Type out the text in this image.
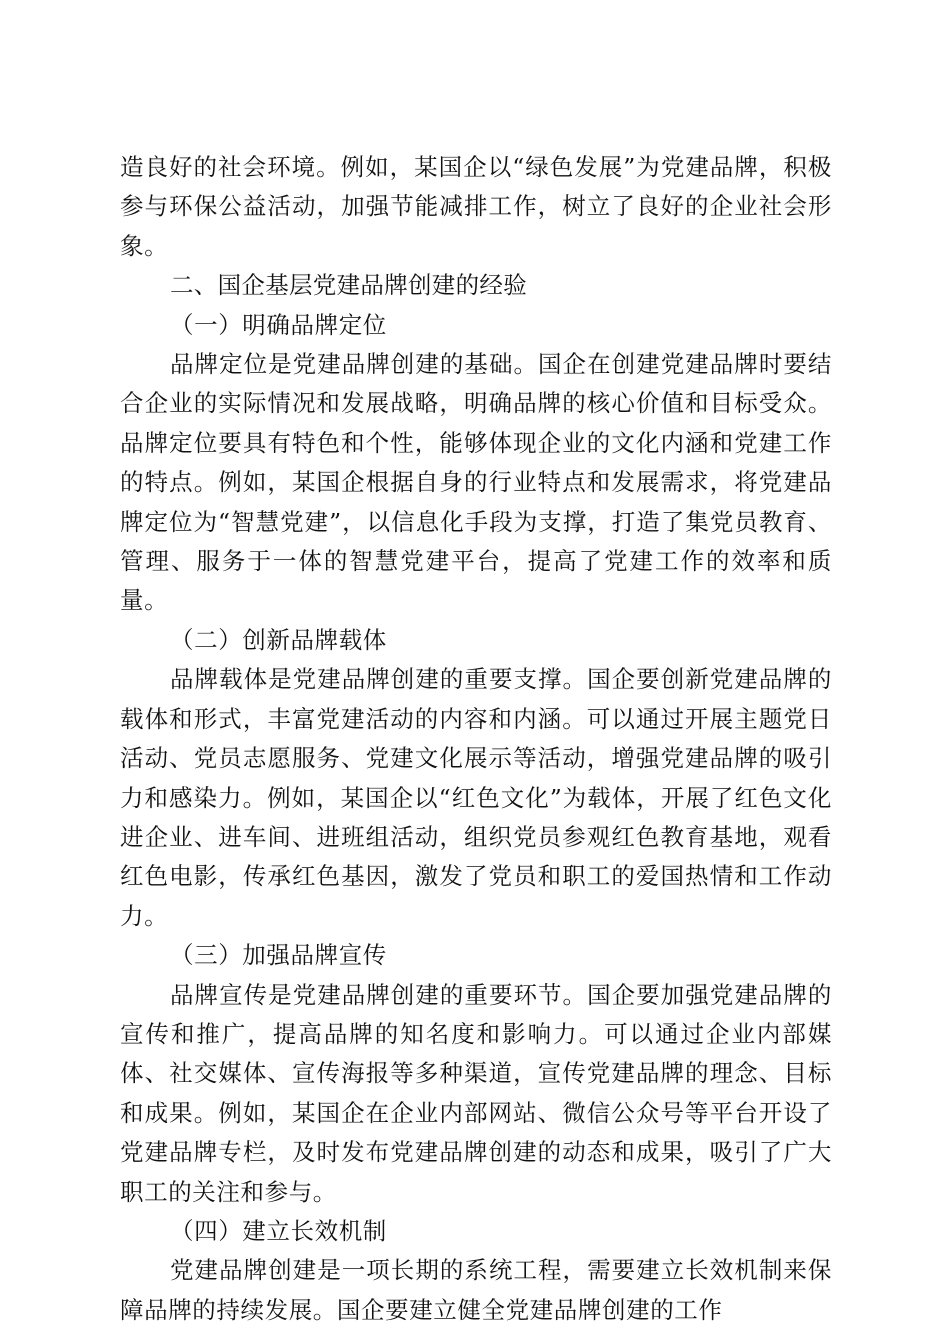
造良好的社会环境。例如，某国企以“绿色发展”为党建品牌，积极参与环保公益活动，加强节能减排工作，树立了良好的企业社会形象。

二、国企基层党建品牌创建的经验
（一）明确品牌定位

品牌定位是党建品牌创建的基础。国企在创建党建品牌时要结合企业的实际情况和发展战略，明确品牌的核心价值和目标受众。品牌定位要具有特色和个性，能够体现企业的文化内涵和党建工作的特点。例如，某国企根据自身的行业特点和发展需求，将党建品牌定位为“智慧党建”，以信息化手段为支撑，打造了集党员教育、管理、服务于一体的智慧党建平台，提高了党建工作的效率和质量。

（二）创新品牌载体

品牌载体是党建品牌创建的重要支撑。国企要创新党建品牌的载体和形式，丰富党建活动的内容和内涵。可以通过开展主题党日活动、党员志愿服务、党建文化展示等活动，增强党建品牌的吸引力和感染力。例如，某国企以“红色文化”为载体，开展了红色文化进企业、进车间、进班组活动，组织党员参观红色教育基地，观看红色电影，传承红色基因，激发了党员和职工的爱国热情和工作动力。

（三）加强品牌宣传

品牌宣传是党建品牌创建的重要环节。国企要加强党建品牌的宣传和推广，提高品牌的知名度和影响力。可以通过企业内部媒体、社交媒体、宣传海报等多种渠道，宣传党建品牌的理念、目标和成果。例如，某国企在企业内部网站、微信公众号等平台开设了党建品牌专栏，及时发布党建品牌创建的动态和成果，吸引了广大职工的关注和参与。

（四）建立长效机制

党建品牌创建是一项长期的系统工程，需要建立长效机制来保障品牌的持续发展。国企要建立健全党建品牌创建的工作
